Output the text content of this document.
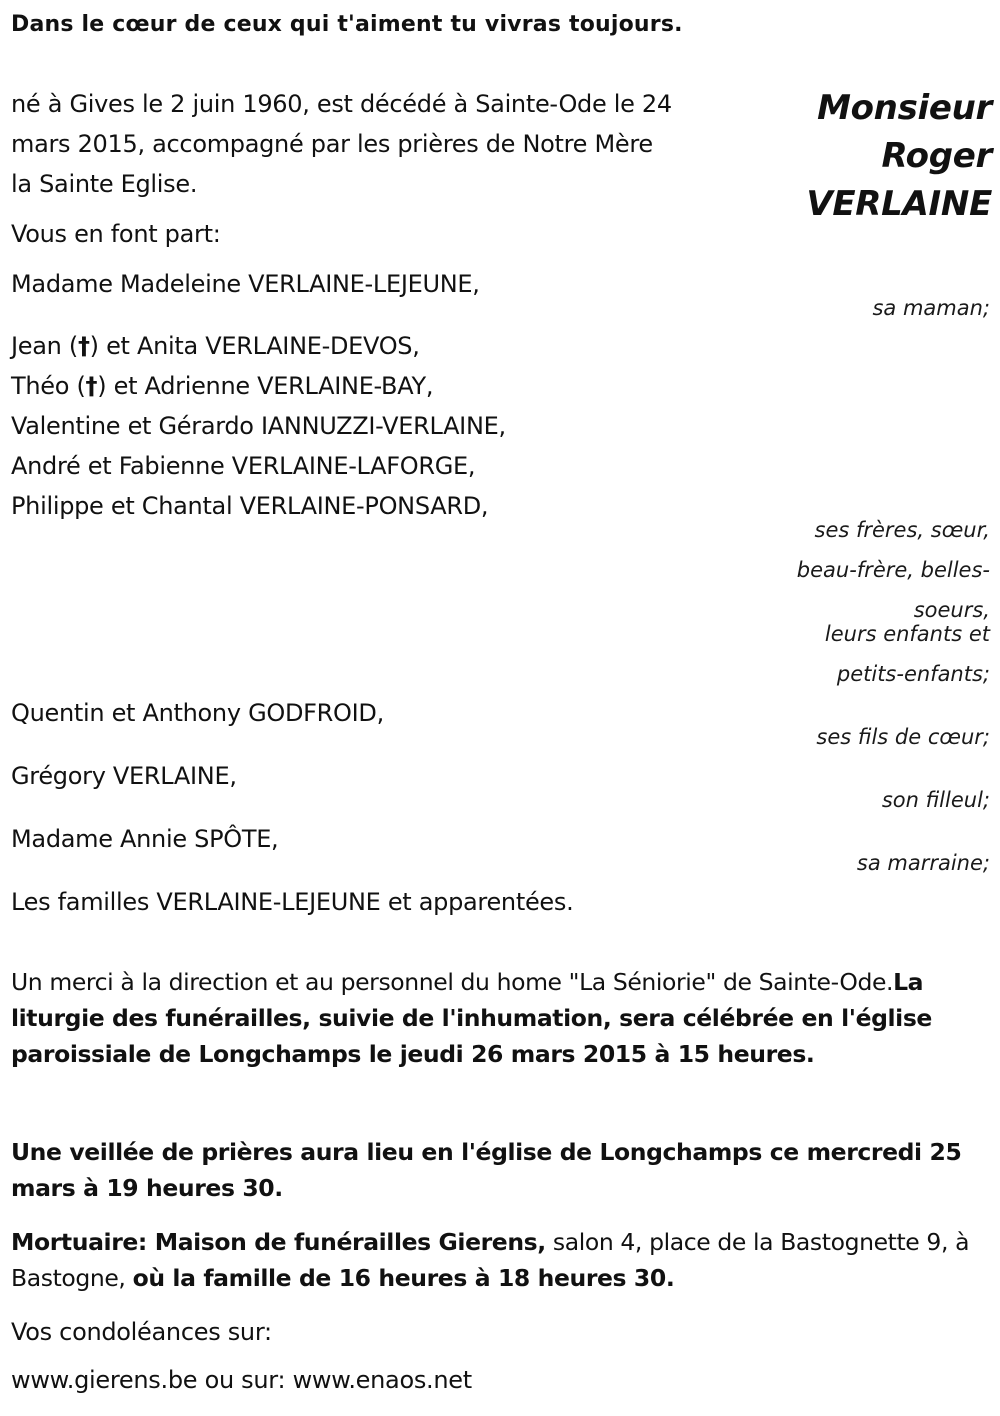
Dans le cœur de ceux qui t'aiment tu vivras toujours.
Monsieur
Roger
VERLAINE
né à Gives le 2 juin 1960, est décédé à Sainte-Ode le 24
mars 2015, accompagné par les prières de Notre Mère
la Sainte Eglise.
Vous en font part:
Madame Madeleine VERLAINE-LEJEUNE,
sa maman;
Jean (†) et Anita VERLAINE-DEVOS,
Théo (†) et Adrienne VERLAINE-BAY,
Valentine et Gérardo IANNUZZI-VERLAINE,
André et Fabienne VERLAINE-LAFORGE,
Philippe et Chantal VERLAINE-PONSARD,
ses frères, sœur,
beau-frère, belles-
soeurs,
leurs enfants et
petits-enfants;
Quentin et Anthony GODFROID,
ses fils de cœur;
Grégory VERLAINE,
son filleul;
Madame Annie SPÔTE,
sa marraine;
Les familles VERLAINE-LEJEUNE et apparentées.
Un merci à la direction et au personnel du home "La Séniorie" de Sainte-Ode.La liturgie des funérailles, suivie de l'inhumation, sera célébrée en l'église paroissiale de Longchamps le jeudi 26 mars 2015 à 15 heures.
Une veillée de prières aura lieu en l'église de Longchamps ce mercredi 25 mars à 19 heures 30.
Mortuaire: Maison de funérailles Gierens, salon 4, place de la Bastognette 9, à Bastogne, où la famille de 16 heures à 18 heures 30.
Vos condoléances sur:
www.gierens.be ou sur: www.enaos.net
